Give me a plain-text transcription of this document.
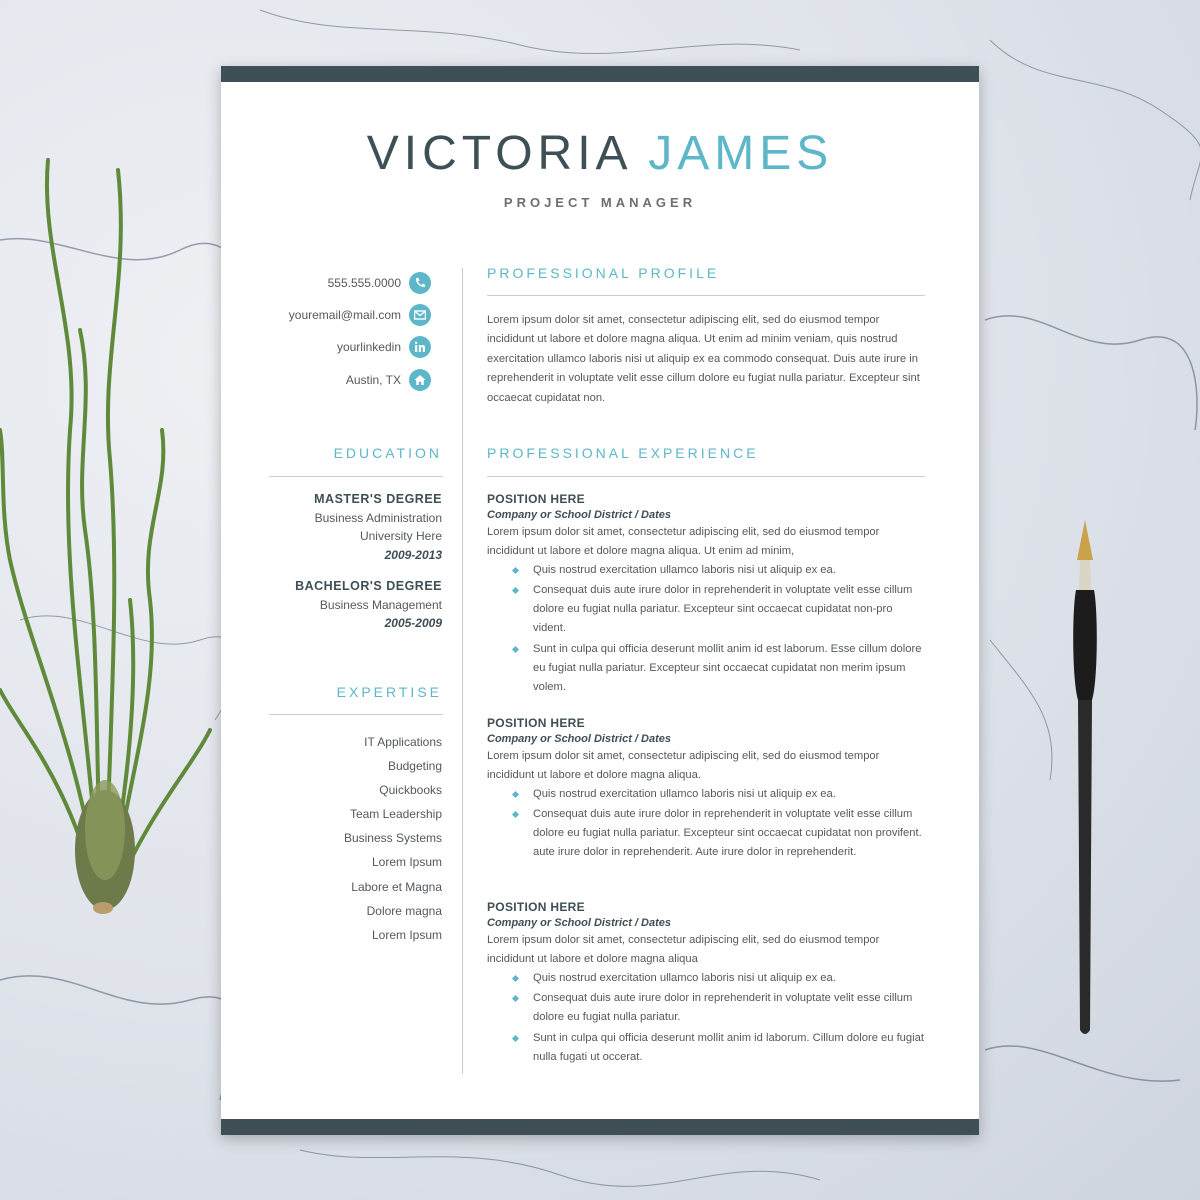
VICTORIA JAMES
PROJECT MANAGER
555.555.0000
youremail@mail.com
yourlinkedin
Austin, TX
EDUCATION
MASTER'S DEGREE
Business Administration
University Here
2009-2013
BACHELOR'S DEGREE
Business Management
2005-2009
EXPERTISE
IT Applications
Budgeting
Quickbooks
Team Leadership
Business Systems
Lorem Ipsum
Labore et Magna
Dolore magna
Lorem Ipsum
PROFESSIONAL PROFILE
Lorem ipsum dolor sit amet, consectetur adipiscing elit, sed do eiusmod tempor incididunt ut labore et dolore magna aliqua. Ut enim ad minim veniam, quis nostrud exercitation ullamco laboris nisi ut aliquip ex ea commodo consequat. Duis aute irure in reprehenderit in voluptate velit esse cillum dolore eu fugiat nulla pariatur. Excepteur sint occaecat cupidatat non.
PROFESSIONAL EXPERIENCE
POSITION HERE
Company or School District / Dates
Lorem ipsum dolor sit amet, consectetur adipiscing elit, sed do eiusmod tempor incididunt ut labore et dolore magna aliqua. Ut enim ad minim,
Quis nostrud exercitation ullamco laboris nisi ut aliquip ex ea.
Consequat duis aute irure dolor in reprehenderit in voluptate velit esse cillum dolore eu fugiat nulla pariatur. Excepteur sint occaecat cupidatat non-pro vident.
Sunt in culpa qui officia deserunt mollit anim id est laborum. Esse cillum dolore eu fugiat nulla pariatur. Excepteur sint occaecat cupidatat non merim ipsum volem.
POSITION HERE
Company or School District / Dates
Lorem ipsum dolor sit amet, consectetur adipiscing elit, sed do eiusmod tempor incididunt ut labore et dolore magna aliqua.
Quis nostrud exercitation ullamco laboris nisi ut aliquip ex ea.
Consequat duis aute irure dolor in reprehenderit in voluptate velit esse cillum dolore eu fugiat nulla pariatur. Excepteur sint occaecat cupidatat non provifent. aute irure dolor in reprehenderit. Aute irure dolor in reprehenderit.
POSITION HERE
Company or School District / Dates
Lorem ipsum dolor sit amet, consectetur adipiscing elit, sed do eiusmod tempor incididunt ut labore et dolore magna aliqua
Quis nostrud exercitation ullamco laboris nisi ut aliquip ex ea.
Consequat duis aute irure dolor in reprehenderit in voluptate velit esse cillum dolore eu fugiat nulla pariatur.
Sunt in culpa qui officia deserunt mollit anim id laborum. Cillum dolore eu fugiat nulla fugati ut occerat.
